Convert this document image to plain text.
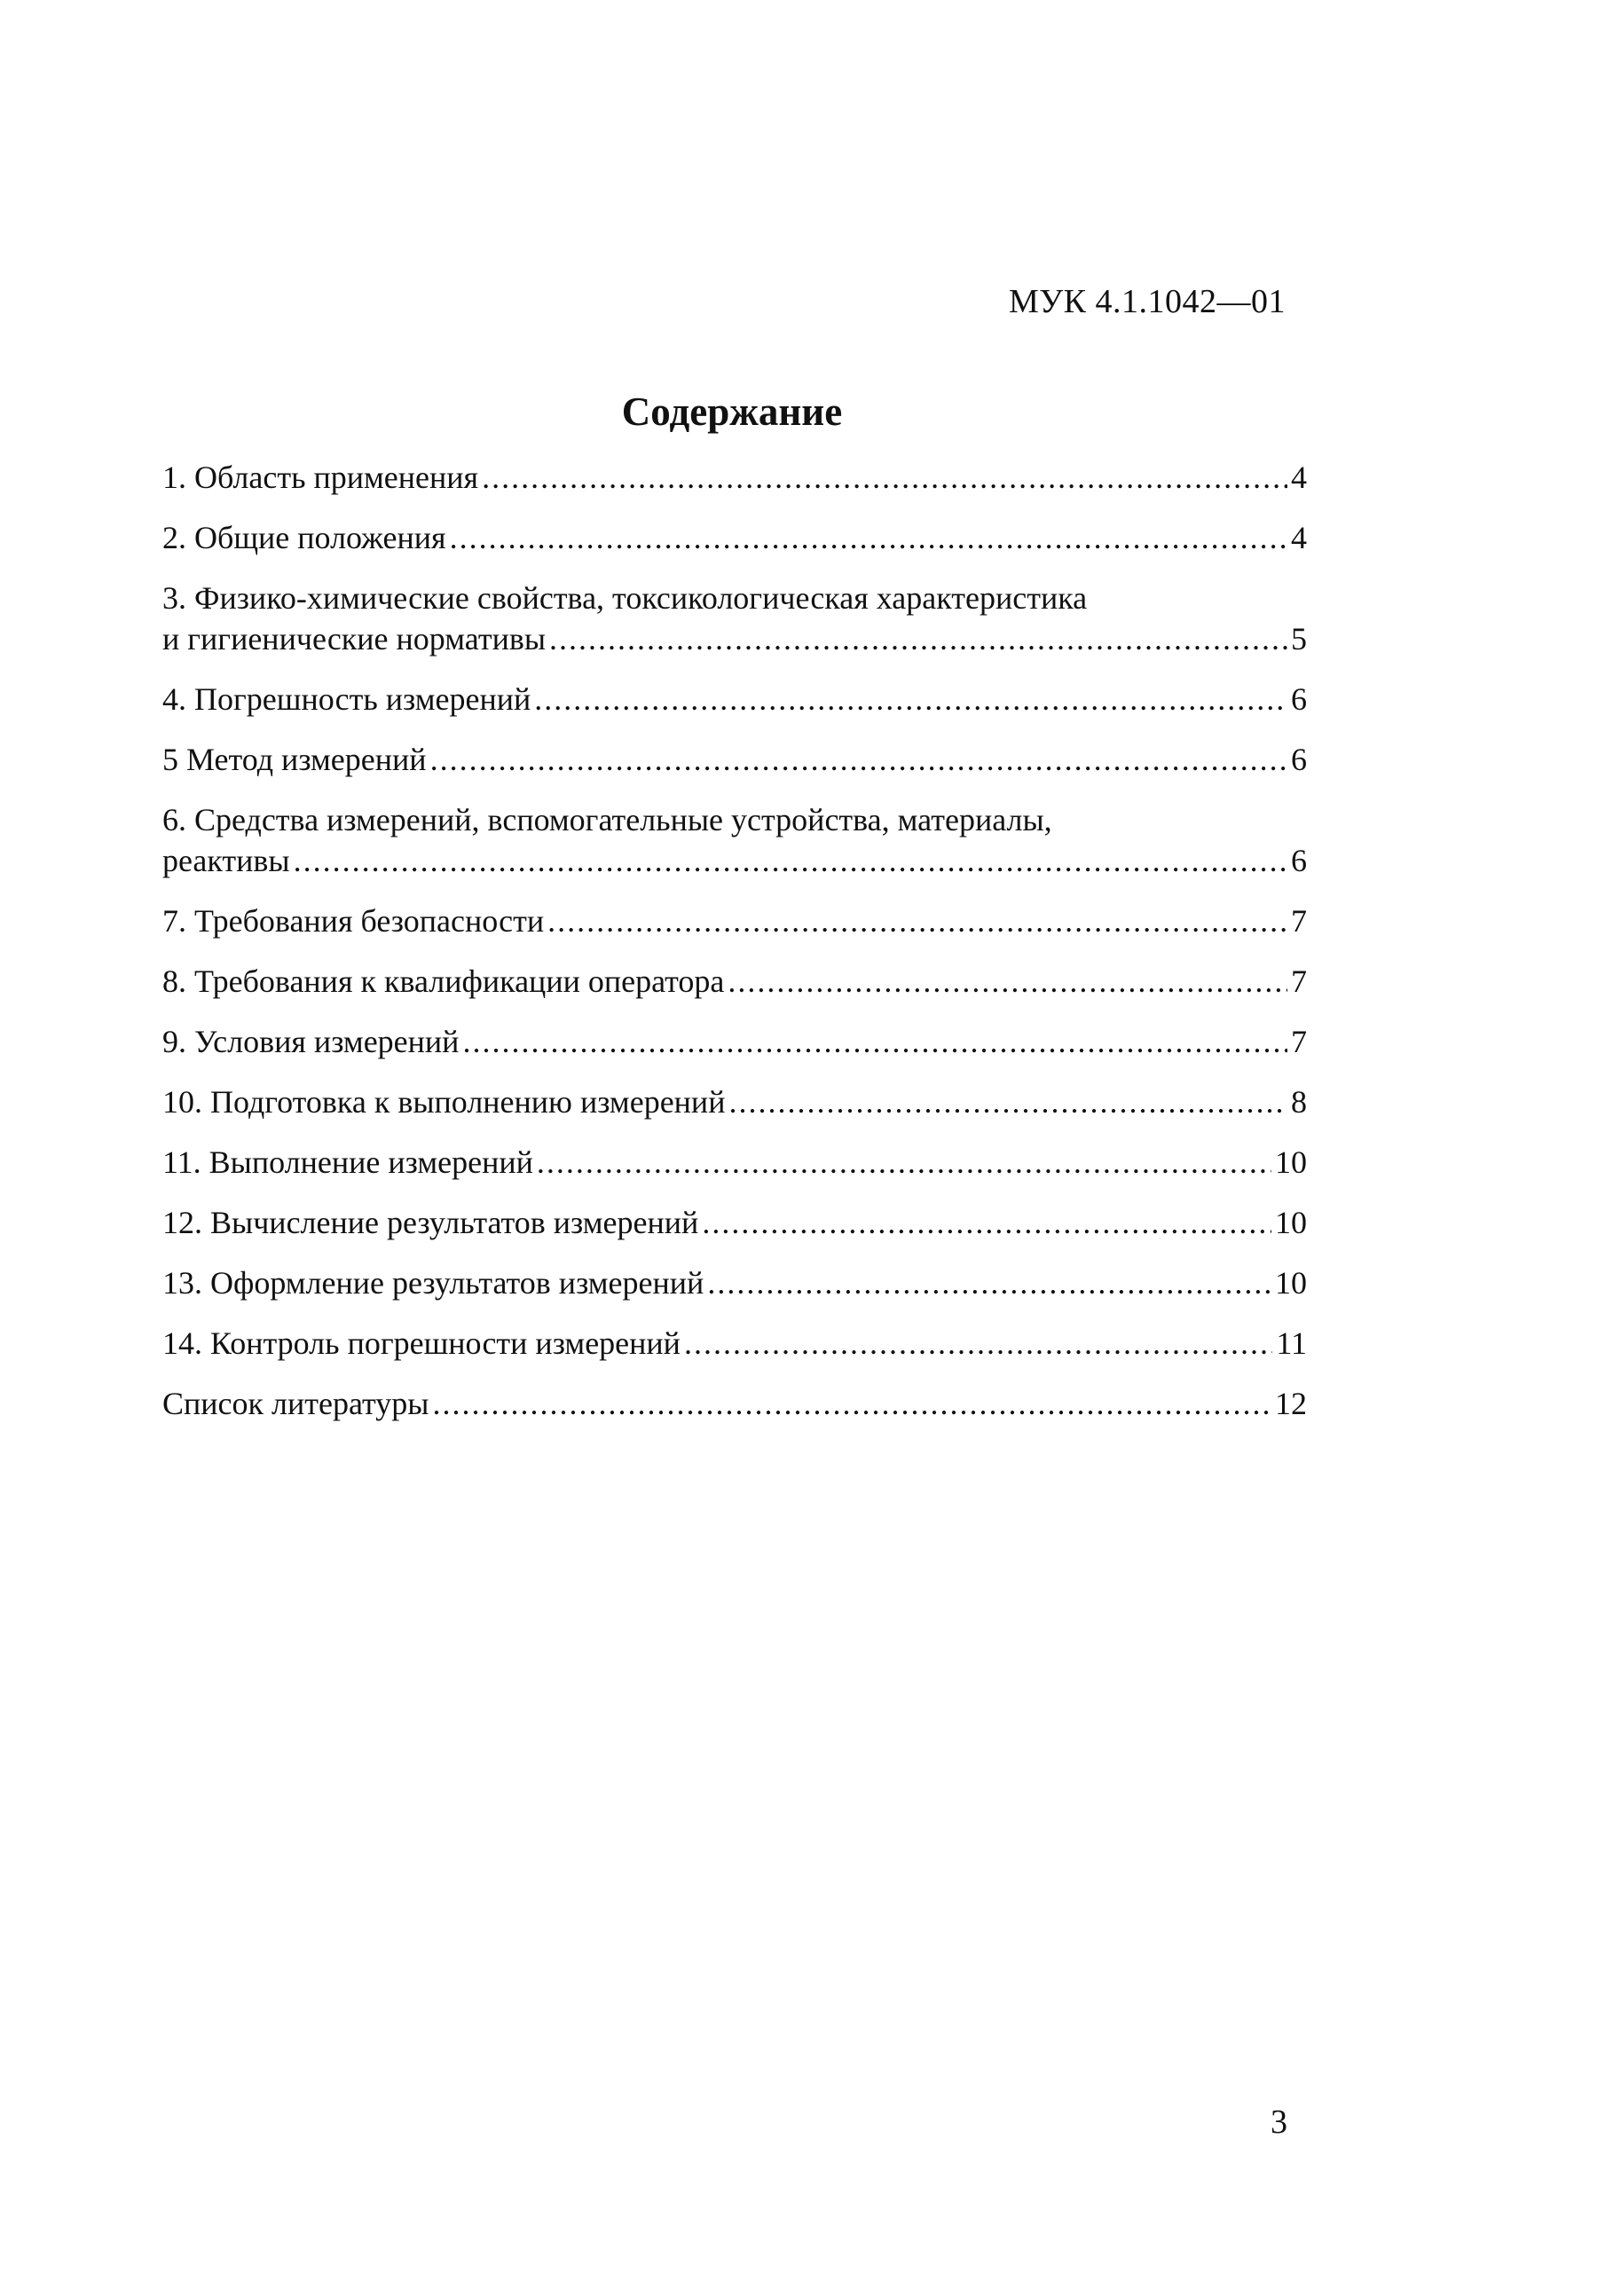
МУК 4.1.1042—01
Содержание
1. Область применения .....	4
2. Общие положения .....	4
3. Физико-химические свойства, токсикологическая характеристика
и гигиенические нормативы .....	5
4. Погрешность измерений .....	6
5 Метод измерений .....	6
6. Средства измерений, вспомогательные устройства, материалы,
реактивы .....	6
7. Требования безопасности .....	7
8. Требования к квалификации оператора .....	7
9. Условия измерений .....	7
10. Подготовка к выполнению измерений .....	8
11. Выполнение измерений .....	10
12. Вычисление результатов измерений .....	10
13. Оформление результатов измерений .....	10
14. Контроль погрешности измерений .....	11
Список литературы .....	12
3
